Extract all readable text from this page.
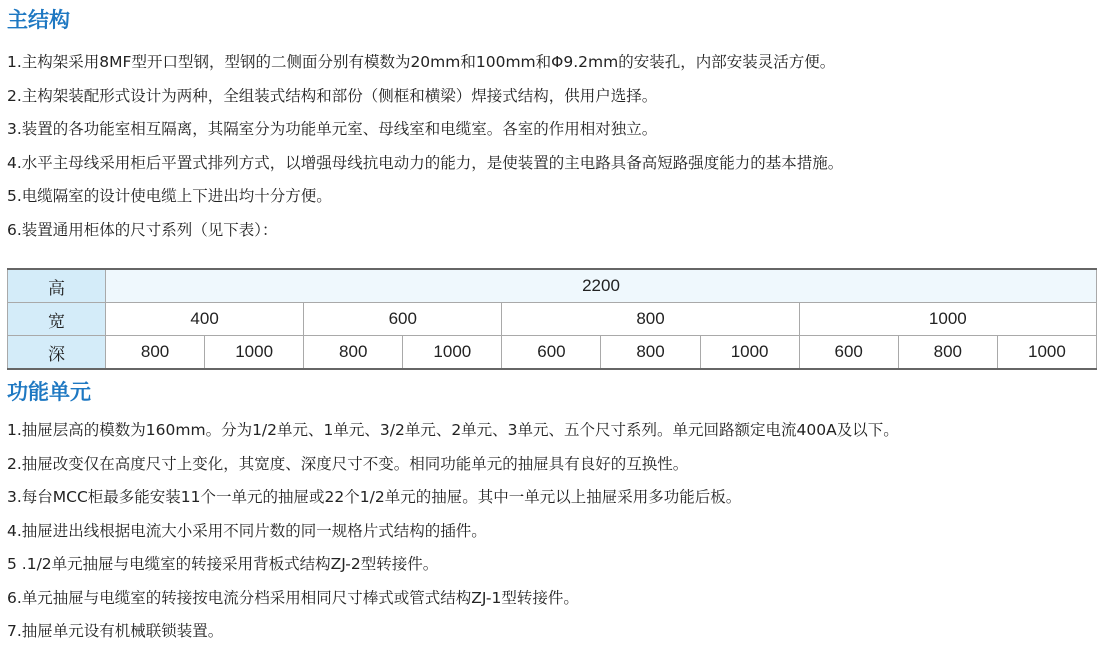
主结构
1.主构架采用8MF型开口型钢，型钢的二侧面分别有模数为20mm和100mm和Φ9.2mm的安装孔，内部安装灵活方便。
2.主构架装配形式设计为两种，全组装式结构和部份（侧框和横梁）焊接式结构，供用户选择。
3.装置的各功能室相互隔离，其隔室分为功能单元室、母线室和电缆室。各室的作用相对独立。
4.水平主母线采用柜后平置式排列方式，以增强母线抗电动力的能力，是使装置的主电路具备高短路强度能力的基本措施。
5.电缆隔室的设计使电缆上下进出均十分方便。
6.装置通用柜体的尺寸系列（见下表）：
高	2200									
宽	400		600		800			1000		
深	800	1000	800	1000	600	800	1000	600	800	1000
功能单元
1.抽屉层高的模数为160mm。分为1/2单元、1单元、3/2单元、2单元、3单元、五个尺寸系列。单元回路额定电流400A及以下。
2.抽屉改变仅在高度尺寸上变化，其宽度、深度尺寸不变。相同功能单元的抽屉具有良好的互换性。
3.每台MCC柜最多能安装11个一单元的抽屉或22个1/2单元的抽屉。其中一单元以上抽屉采用多功能后板。
4.抽屉进出线根据电流大小采用不同片数的同一规格片式结构的插件。
5 .1/2单元抽屉与电缆室的转接采用背板式结构ZJ-2型转接件。
6.单元抽屉与电缆室的转接按电流分档采用相同尺寸棒式或管式结构ZJ-1型转接件。
7.抽屉单元设有机械联锁装置。
